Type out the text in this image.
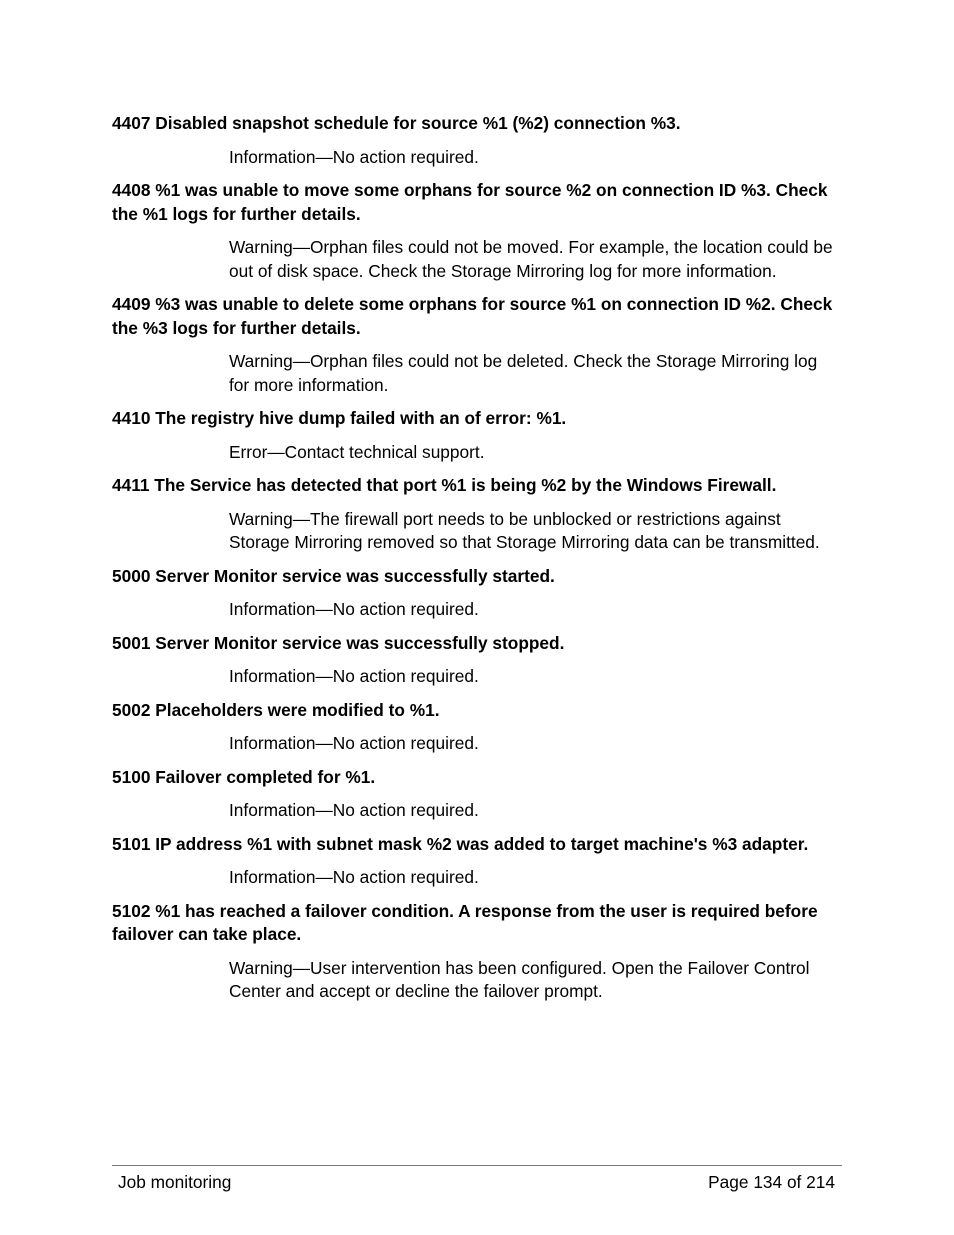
4407 Disabled snapshot schedule for source %1 (%2) connection %3.

Information—No action required.

4408 %1 was unable to move some orphans for source %2 on connection ID %3. Check the %1 logs for further details.

Warning—Orphan files could not be moved. For example, the location could be out of disk space. Check the Storage Mirroring log for more information.

4409 %3 was unable to delete some orphans for source %1 on connection ID %2. Check the %3 logs for further details.

Warning—Orphan files could not be deleted. Check the Storage Mirroring log for more information.

4410 The registry hive dump failed with an of error: %1.

Error—Contact technical support.

4411 The Service has detected that port %1 is being %2 by the Windows Firewall.

Warning—The firewall port needs to be unblocked or restrictions against Storage Mirroring removed so that Storage Mirroring data can be transmitted.

5000 Server Monitor service was successfully started.

Information—No action required.

5001 Server Monitor service was successfully stopped.

Information—No action required.

5002 Placeholders were modified to %1.

Information—No action required.

5100 Failover completed for %1.

Information—No action required.

5101 IP address %1 with subnet mask %2 was added to target machine's %3 adapter.

Information—No action required.

5102 %1 has reached a failover condition. A response from the user is required before failover can take place.

Warning—User intervention has been configured. Open the Failover Control Center and accept or decline the failover prompt.

Job monitoring	Page 134 of 214
